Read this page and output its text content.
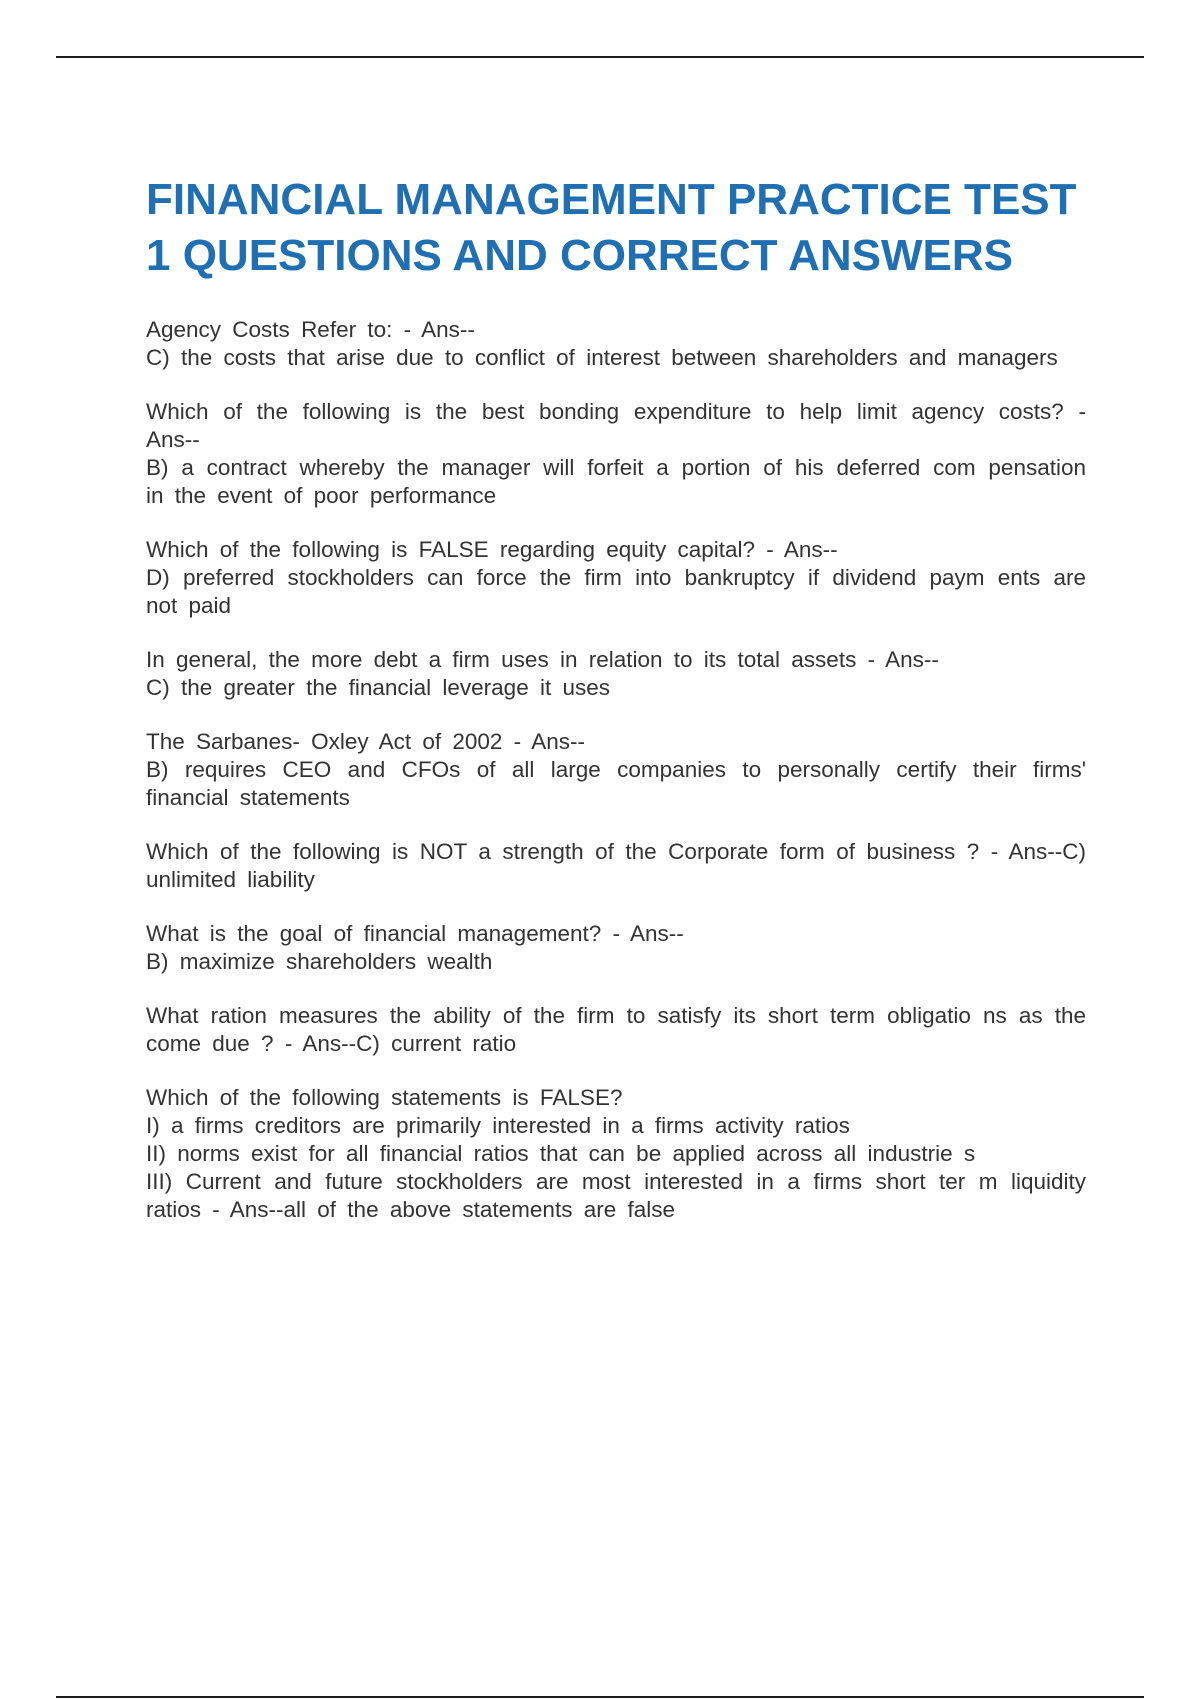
FINANCIAL MANAGEMENT PRACTICE TEST 1 QUESTIONS AND CORRECT ANSWERS

Agency Costs Refer to: - Ans--
C) the costs that arise due to conflict of interest between shareholders and managers

Which of the following is the best bonding expenditure to help limit agency costs? - Ans--
B) a contract whereby the manager will forfeit a portion of his deferred com pensation in the event of poor performance

Which of the following is FALSE regarding equity capital? - Ans--
D) preferred stockholders can force the firm into bankruptcy if dividend paym ents are not paid

In general, the more debt a firm uses in relation to its total assets - Ans--
C) the greater the financial leverage it uses

The Sarbanes- Oxley Act of 2002 - Ans--
B) requires CEO and CFOs of all large companies to personally certify their firms' financial statements

Which of the following is NOT a strength of the Corporate form of business ? - Ans--C) unlimited liability

What is the goal of financial management? - Ans--
B) maximize shareholders wealth

What ration measures the ability of the firm to satisfy its short term obligatio ns as the come due ? - Ans--C) current ratio

Which of the following statements is FALSE?
I) a firms creditors are primarily interested in a firms activity ratios
II) norms exist for all financial ratios that can be applied across all industrie s
III) Current and future stockholders are most interested in a firms short ter m liquidity ratios - Ans--all of the above statements are false
